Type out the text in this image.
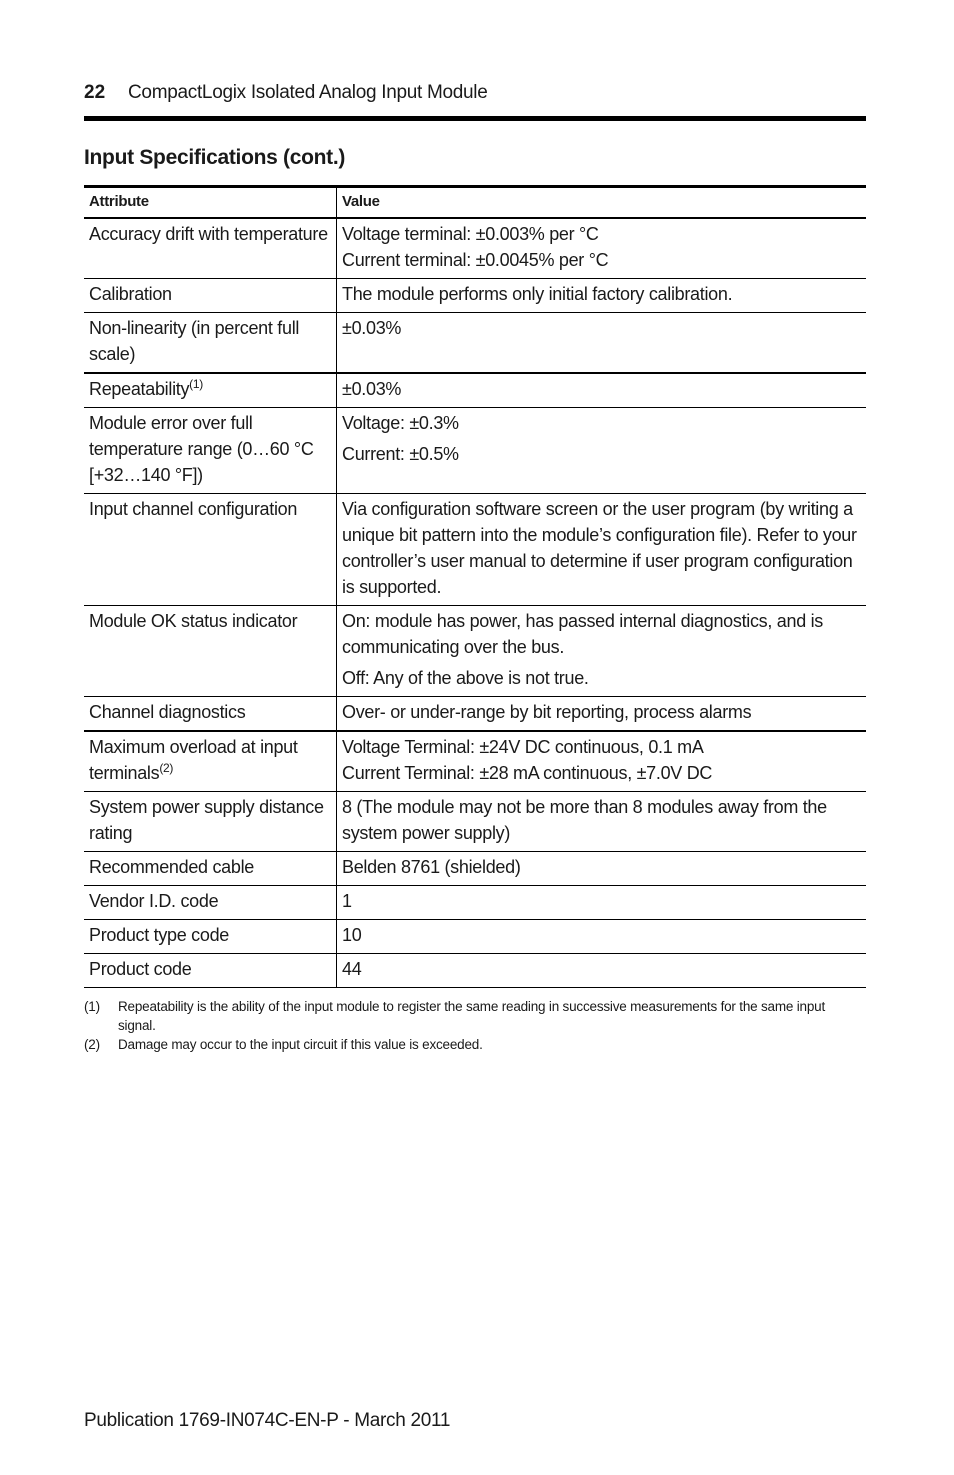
22 CompactLogix Isolated Analog Input Module
Input Specifications (cont.)
Attribute	Value
Accuracy drift with temperature	Voltage terminal: ±0.003% per °C
Current terminal: ±0.0045% per °C

Calibration	The module performs only initial factory calibration.

Non-linearity (in percent full scale)	±0.03%

Repeatability$^{(1)}$	±0.03%

Module error over full temperature range (0…60 °C [+32…140 °F])	Voltage: ±0.3%
Current: ±0.5%

Input channel configuration	Via configuration software screen or the user program (by writing a unique bit pattern into the module’s configuration file). Refer to your controller’s user manual to determine if user program configuration is supported.

Module OK status indicator	On: module has power, has passed internal diagnostics, and is communicating over the bus.
Off: Any of the above is not true.

Channel diagnostics	Over- or under-range by bit reporting, process alarms

Maximum overload at input terminals$^{(2)}$	Voltage Terminal: ±24V DC continuous, 0.1 mA
Current Terminal: ±28 mA continuous, ±7.0V DC

System power supply distance rating	8 (The module may not be more than 8 modules away from the system power supply)

Recommended cable	Belden 8761 (shielded)

Vendor I.D. code	1

Product type code	10

Product code	44
(1)	Repeatability is the ability of the input module to register the same reading in successive measurements for the same input signal.
(2)	Damage may occur to the input circuit if this value is exceeded.
Publication 1769-IN074C-EN-P - March 2011
